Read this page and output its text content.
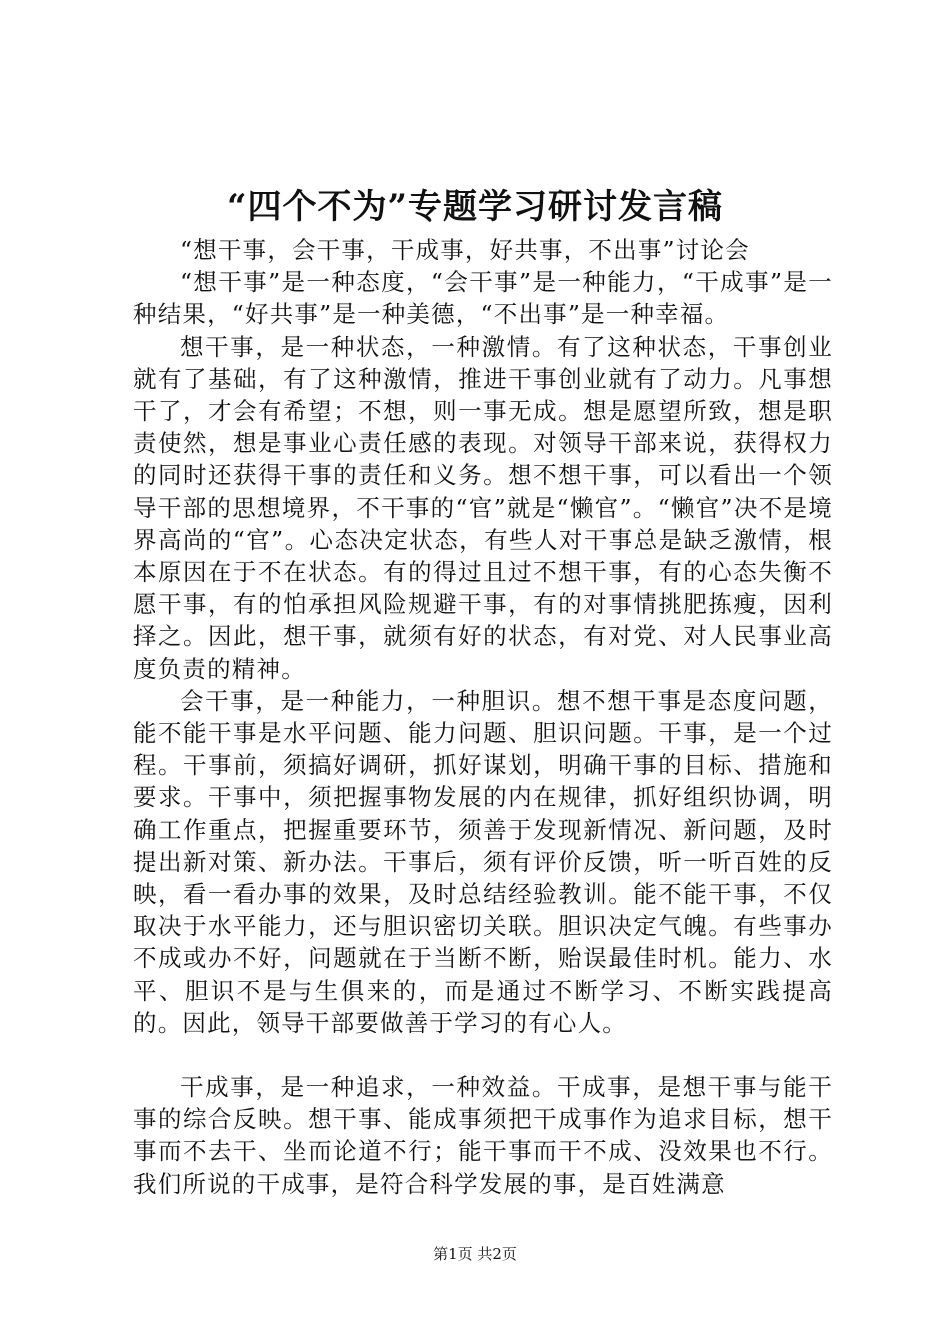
“四个不为”专题学习研讨发言稿

“想干事，会干事，干成事，好共事，不出事”讨论会

“想干事”是一种态度，“会干事”是一种能力，“干成事”是一种结果，“好共事”是一种美德，“不出事”是一种幸福。

想干事，是一种状态，一种激情。有了这种状态，干事创业就有了基础，有了这种激情，推进干事创业就有了动力。凡事想干了，才会有希望；不想，则一事无成。想是愿望所致，想是职责使然，想是事业心责任感的表现。对领导干部来说，获得权力的同时还获得干事的责任和义务。想不想干事，可以看出一个领导干部的思想境界，不干事的“官”就是“懒官”。“懒官”决不是境界高尚的“官”。心态决定状态，有些人对干事总是缺乏激情，根本原因在于不在状态。有的得过且过不想干事，有的心态失衡不愿干事，有的怕承担风险规避干事，有的对事情挑肥拣瘦，因利择之。因此，想干事，就须有好的状态，有对党、对人民事业高度负责的精神。

会干事，是一种能力，一种胆识。想不想干事是态度问题，能不能干事是水平问题、能力问题、胆识问题。干事，是一个过程。干事前，须搞好调研，抓好谋划，明确干事的目标、措施和要求。干事中，须把握事物发展的内在规律，抓好组织协调，明确工作重点，把握重要环节，须善于发现新情况、新问题，及时提出新对策、新办法。干事后，须有评价反馈，听一听百姓的反映，看一看办事的效果，及时总结经验教训。能不能干事，不仅取决于水平能力，还与胆识密切关联。胆识决定气魄。有些事办不成或办不好，问题就在于当断不断，贻误最佳时机。能力、水平、胆识不是与生俱来的，而是通过不断学习、不断实践提高的。因此，领导干部要做善于学习的有心人。

干成事，是一种追求，一种效益。干成事，是想干事与能干事的综合反映。想干事、能成事须把干成事作为追求目标，想干事而不去干、坐而论道不行；能干事而干不成、没效果也不行。我们所说的干成事，是符合科学发展的事，是百姓满意

第1页 共2页
